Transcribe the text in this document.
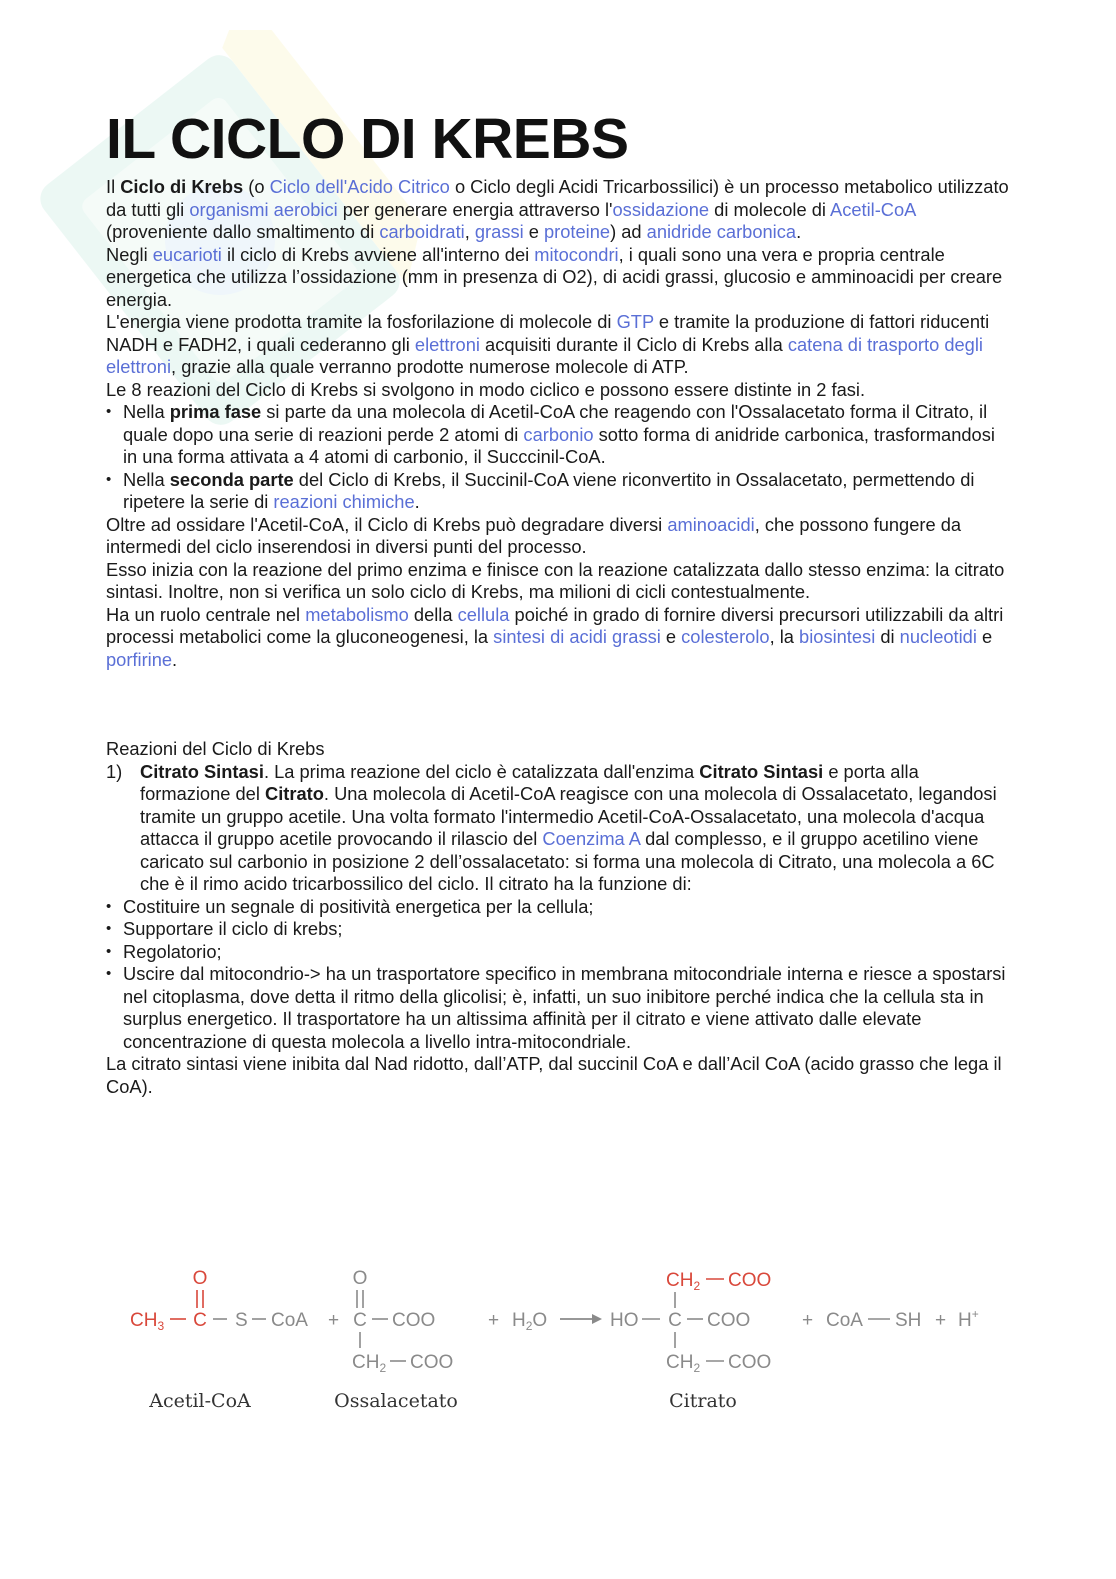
IL CICLO DI KREBS

Il Ciclo di Krebs (o Ciclo dell'Acido Citrico o Ciclo degli Acidi Tricarbossilici) è un processo metabolico utilizzato da tutti gli organismi aerobici per generare energia attraverso l'ossidazione di molecole di Acetil-CoA (proveniente dallo smaltimento di carboidrati, grassi e proteine) ad anidride carbonica.

Negli eucarioti il ciclo di Krebs avviene all'interno dei mitocondri, i quali sono una vera e propria centrale energetica che utilizza l’ossidazione (mm in presenza di O2), di acidi grassi, glucosio e amminoacidi per creare energia.

L'energia viene prodotta tramite la fosforilazione di molecole di GTP e tramite la produzione di fattori riducenti NADH e FADH2, i quali cederanno gli elettroni acquisiti durante il Ciclo di Krebs alla catena di trasporto degli elettroni, grazie alla quale verranno prodotte numerose molecole di ATP.

Le 8 reazioni del Ciclo di Krebs si svolgono in modo ciclico e possono essere distinte in 2 fasi.

• Nella prima fase si parte da una molecola di Acetil-CoA che reagendo con l'Ossalacetato forma il Citrato, il quale dopo una serie di reazioni perde 2 atomi di carbonio sotto forma di anidride carbonica, trasformandosi in una forma attivata a 4 atomi di carbonio, il Succcinil-CoA.
• Nella seconda parte del Ciclo di Krebs, il Succinil-CoA viene riconvertito in Ossalacetato, permettendo di ripetere la serie di reazioni chimiche.

Oltre ad ossidare l'Acetil-CoA, il Ciclo di Krebs può degradare diversi aminoacidi, che possono fungere da intermedi del ciclo inserendosi in diversi punti del processo.

Esso inizia con la reazione del primo enzima e finisce con la reazione catalizzata dallo stesso enzima: la citrato sintasi. Inoltre, non si verifica un solo ciclo di Krebs, ma milioni di cicli contestualmente.

Ha un ruolo centrale nel metabolismo della cellula poiché in grado di fornire diversi precursori utilizzabili da altri processi metabolici come la gluconeogenesi, la sintesi di acidi grassi e colesterolo, la biosintesi di nucleotidi e porfirine.

Reazioni del Ciclo di Krebs

1) Citrato Sintasi. La prima reazione del ciclo è catalizzata dall'enzima Citrato Sintasi e porta alla formazione del Citrato. Una molecola di Acetil-CoA reagisce con una molecola di Ossalacetato, legandosi tramite un gruppo acetile. Una volta formato l'intermedio Acetil-CoA-Ossalacetato, una molecola d'acqua attacca il gruppo acetile provocando il rilascio del Coenzima A dal complesso, e il gruppo acetilino viene caricato sul carbonio in posizione 2 dell’ossalacetato: si forma una molecola di Citrato, una molecola a 6C che è il rimo acido tricarbossilico del ciclo. Il citrato ha la funzione di:
• Costituire un segnale di positività energetica per la cellula;
• Supportare il ciclo di krebs;
• Regolatorio;
• Uscire dal mitocondrio-> ha un trasportatore specifico in membrana mitocondriale interna e riesce a spostarsi nel citoplasma, dove detta il ritmo della glicolisi; è, infatti, un suo inibitore perché indica che la cellula sta in surplus energetico. Il trasportatore ha un altissima affinità per il citrato e viene attivato dalle elevate concentrazione di questa molecola a livello intra-mitocondriale.

La citrato sintasi viene inibita dal Nad ridotto, dall’ATP, dal succinil CoA e dall’Acil CoA (acido grasso che lega il CoA).

O
$CH_3$ C S CoA +
O
C COO
$CH_2$ COO
+ $H_2O$
$CH_2$ COO
HO C COO
$CH_2$ COO
+ CoA SH + H+
Acetil-CoA	Ossalacetato	Citrato
